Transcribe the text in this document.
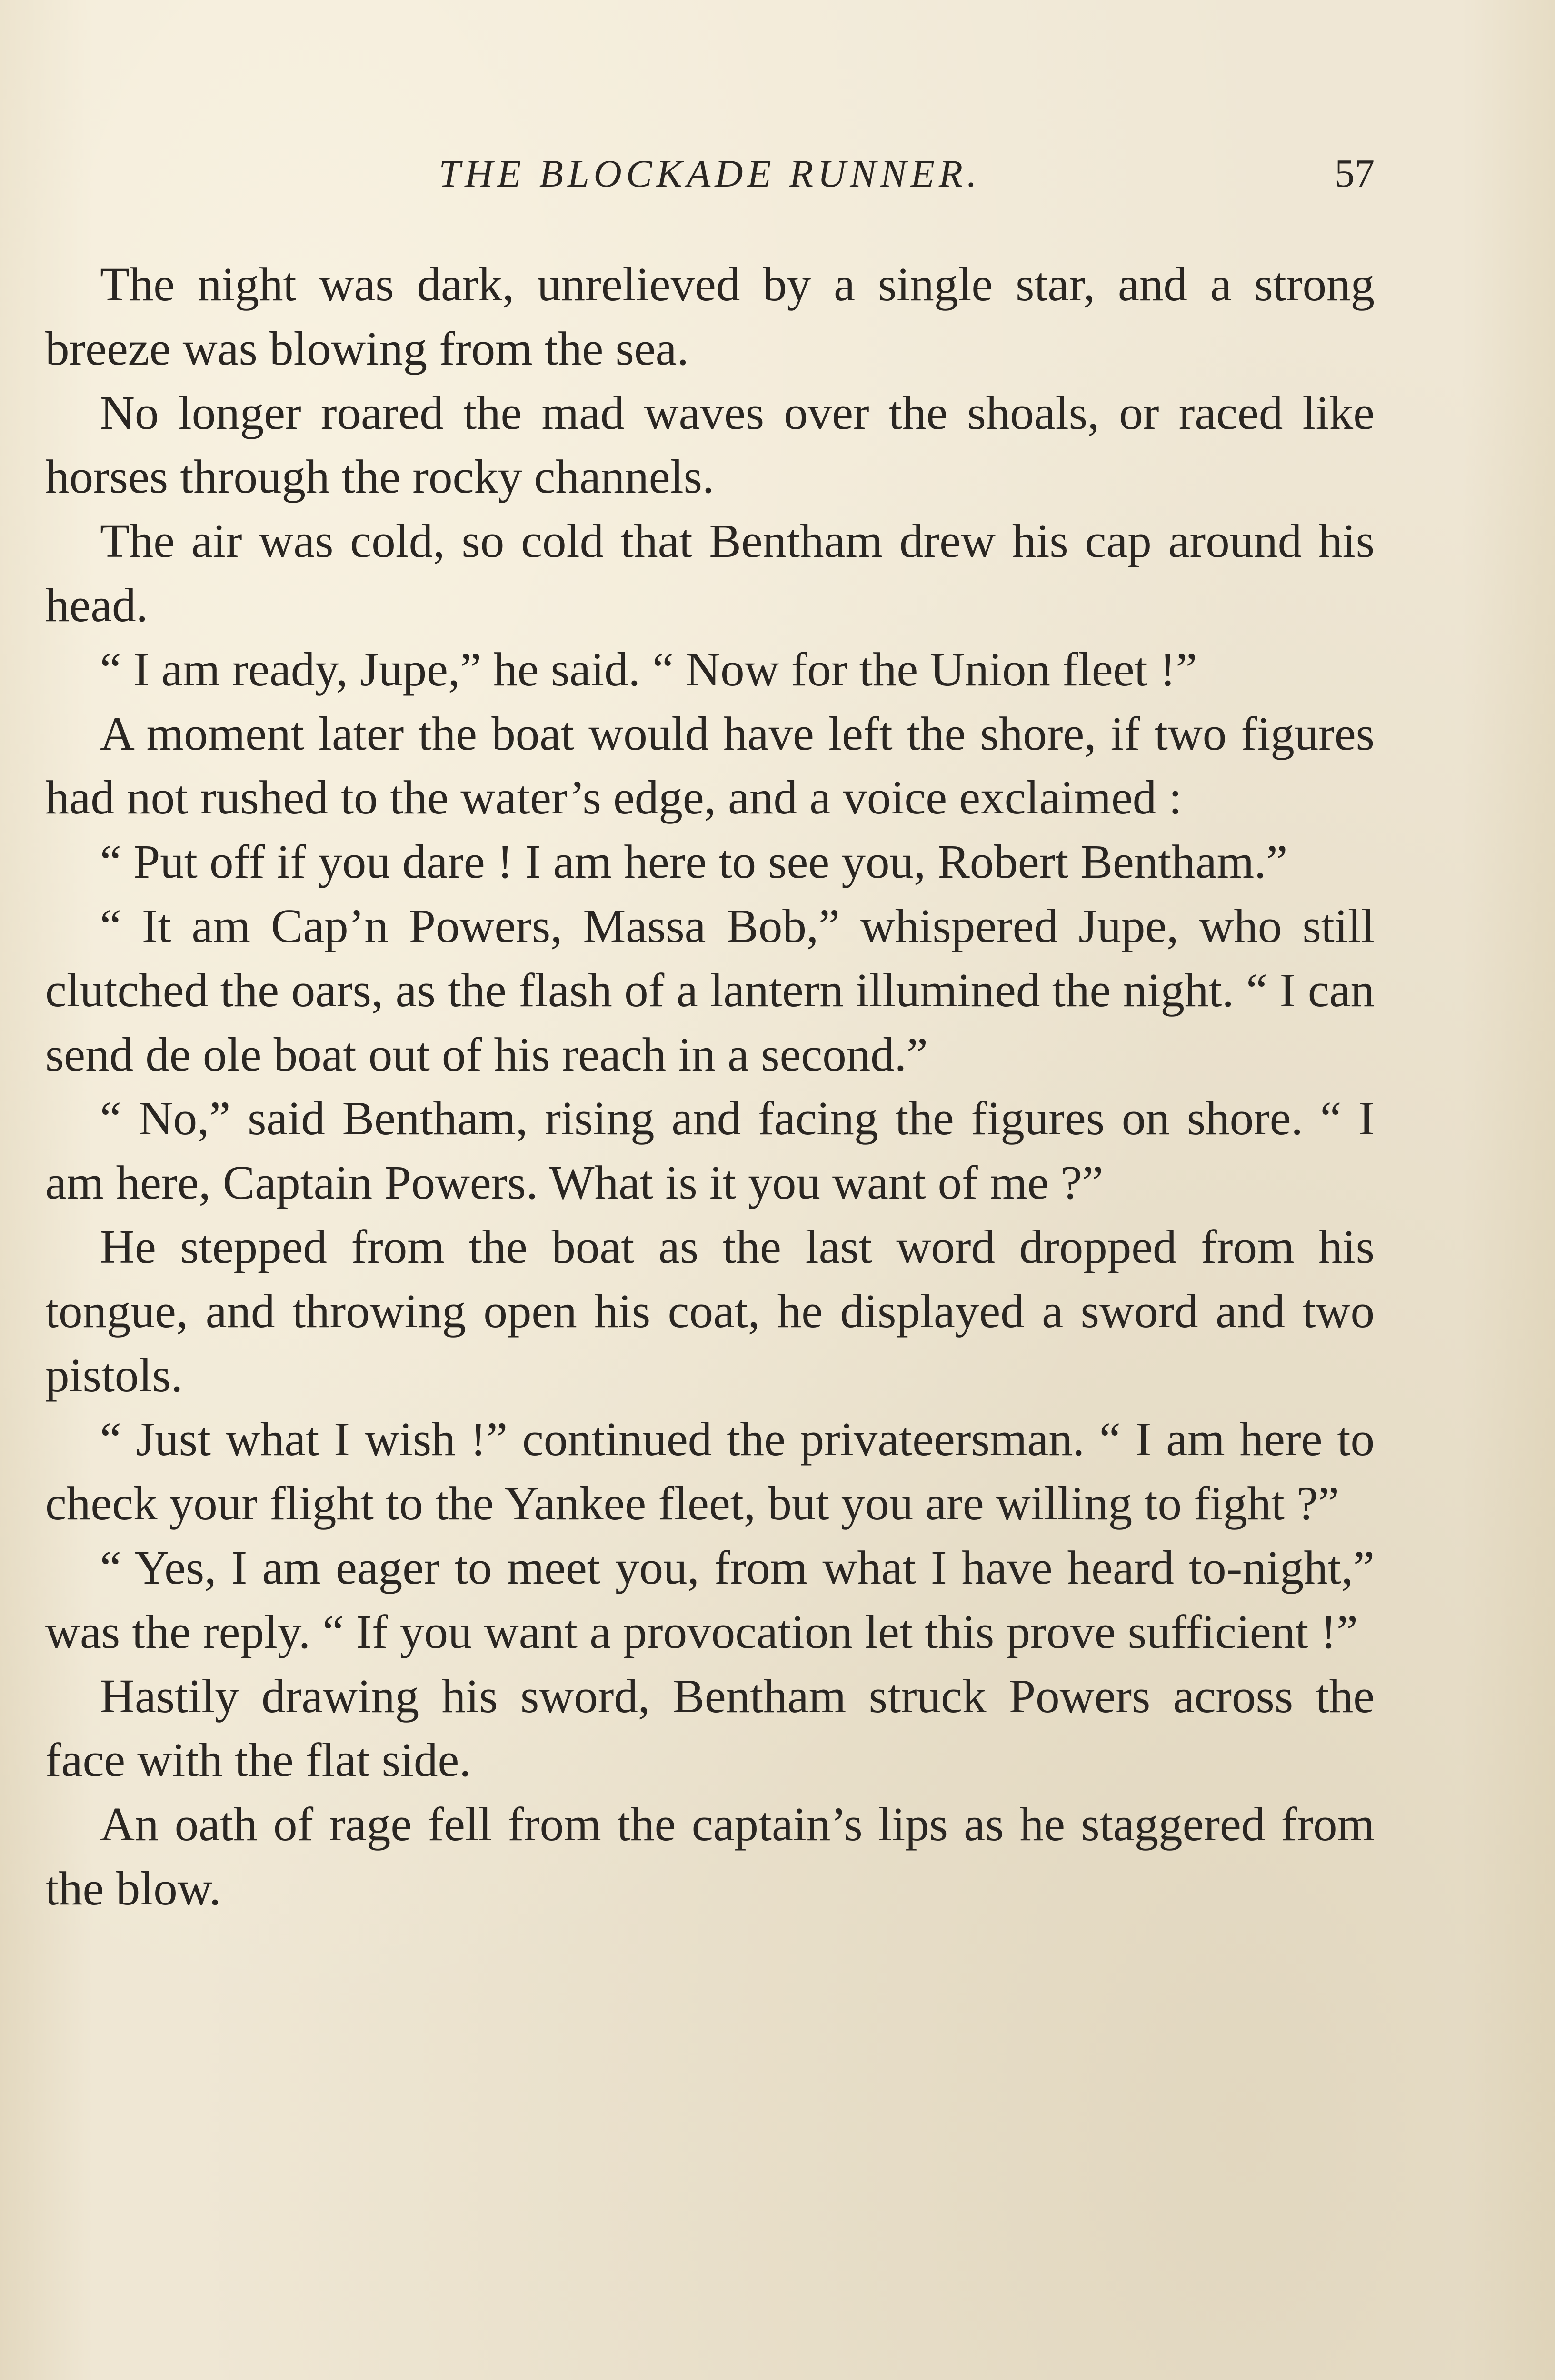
THE BLOCKADE RUNNER.	57

The night was dark, unrelieved by a single star, and a strong breeze was blowing from the sea.

No longer roared the mad waves over the shoals, or raced like horses through the rocky channels.

The air was cold, so cold that Bentham drew his cap around his head.

“ I am ready, Jupe,” he said. “ Now for the Union fleet !”

A moment later the boat would have left the shore, if two figures had not rushed to the water’s edge, and a voice exclaimed :

“ Put off if you dare ! I am here to see you, Robert Bentham.”

“ It am Cap’n Powers, Massa Bob,” whispered Jupe, who still clutched the oars, as the flash of a lantern illumined the night. “ I can send de ole boat out of his reach in a second.”

“ No,” said Bentham, rising and facing the figures on shore. “ I am here, Captain Powers. What is it you want of me ?”

He stepped from the boat as the last word dropped from his tongue, and throwing open his coat, he displayed a sword and two pistols.

“ Just what I wish !” continued the privateersman. “ I am here to check your flight to the Yankee fleet, but you are willing to fight ?”

“ Yes, I am eager to meet you, from what I have heard to-night,” was the reply. “ If you want a provocation let this prove sufficient !”

Hastily drawing his sword, Bentham struck Powers across the face with the flat side.

An oath of rage fell from the captain’s lips as he staggered from the blow.
